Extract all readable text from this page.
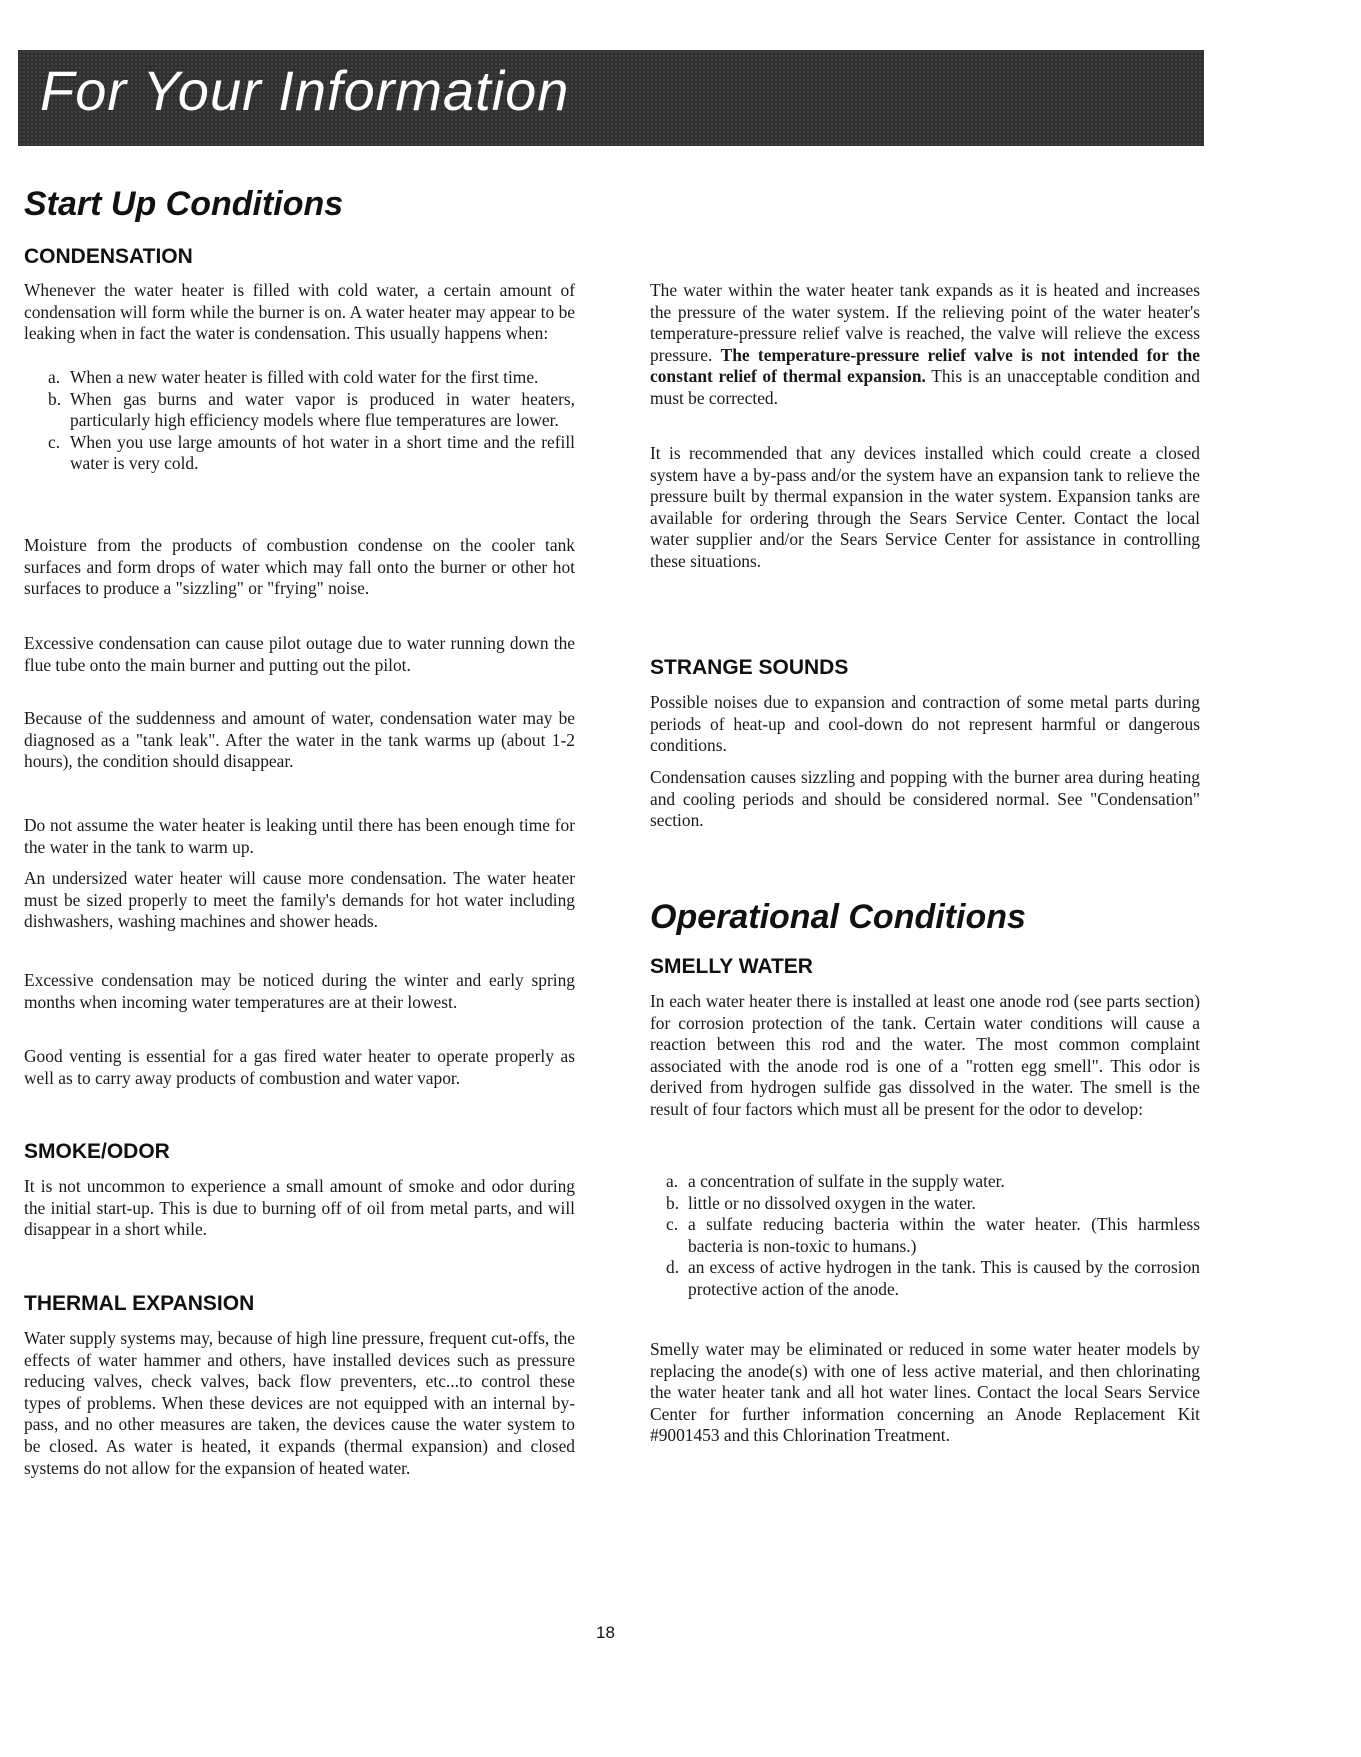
For Your Information
Start Up Conditions
CONDENSATION
Whenever the water heater is filled with cold water, a certain amount of condensation will form while the burner is on. A water heater may appear to be leaking when in fact the water is condensation. This usually happens when:
a. When a new water heater is filled with cold water for the first time.
b. When gas burns and water vapor is produced in water heaters, particularly high efficiency models where flue temperatures are lower.
c. When you use large amounts of hot water in a short time and the refill water is very cold.
Moisture from the products of combustion condense on the cooler tank surfaces and form drops of water which may fall onto the burner or other hot surfaces to produce a "sizzling" or "frying" noise.
Excessive condensation can cause pilot outage due to water running down the flue tube onto the main burner and putting out the pilot.
Because of the suddenness and amount of water, condensation water may be diagnosed as a "tank leak". After the water in the tank warms up (about 1-2 hours), the condition should disappear.
Do not assume the water heater is leaking until there has been enough time for the water in the tank to warm up.
An undersized water heater will cause more condensation. The water heater must be sized properly to meet the family's demands for hot water including dishwashers, washing machines and shower heads.
Excessive condensation may be noticed during the winter and early spring months when incoming water temperatures are at their lowest.
Good venting is essential for a gas fired water heater to operate properly as well as to carry away products of combustion and water vapor.
SMOKE/ODOR
It is not uncommon to experience a small amount of smoke and odor during the initial start-up. This is due to burning off of oil from metal parts, and will disappear in a short while.
THERMAL EXPANSION
Water supply systems may, because of high line pressure, frequent cut-offs, the effects of water hammer and others, have installed devices such as pressure reducing valves, check valves, back flow preventers, etc...to control these types of problems. When these devices are not equipped with an internal by-pass, and no other measures are taken, the devices cause the water system to be closed. As water is heated, it expands (thermal expansion) and closed systems do not allow for the expansion of heated water.
The water within the water heater tank expands as it is heated and increases the pressure of the water system. If the relieving point of the water heater's temperature-pressure relief valve is reached, the valve will relieve the excess pressure. The temperature-pressure relief valve is not intended for the constant relief of thermal expansion. This is an unacceptable condition and must be corrected.
It is recommended that any devices installed which could create a closed system have a by-pass and/or the system have an expansion tank to relieve the pressure built by thermal expansion in the water system. Expansion tanks are available for ordering through the Sears Service Center. Contact the local water supplier and/or the Sears Service Center for assistance in controlling these situations.
STRANGE SOUNDS
Possible noises due to expansion and contraction of some metal parts during periods of heat-up and cool-down do not represent harmful or dangerous conditions.
Condensation causes sizzling and popping with the burner area during heating and cooling periods and should be considered normal. See "Condensation" section.
Operational Conditions
SMELLY WATER
In each water heater there is installed at least one anode rod (see parts section) for corrosion protection of the tank. Certain water conditions will cause a reaction between this rod and the water. The most common complaint associated with the anode rod is one of a "rotten egg smell". This odor is derived from hydrogen sulfide gas dissolved in the water. The smell is the result of four factors which must all be present for the odor to develop:
a. a concentration of sulfate in the supply water.
b. little or no dissolved oxygen in the water.
c. a sulfate reducing bacteria within the water heater. (This harmless bacteria is non-toxic to humans.)
d. an excess of active hydrogen in the tank. This is caused by the corrosion protective action of the anode.
Smelly water may be eliminated or reduced in some water heater models by replacing the anode(s) with one of less active material, and then chlorinating the water heater tank and all hot water lines. Contact the local Sears Service Center for further information concerning an Anode Replacement Kit #9001453 and this Chlorination Treatment.
18
